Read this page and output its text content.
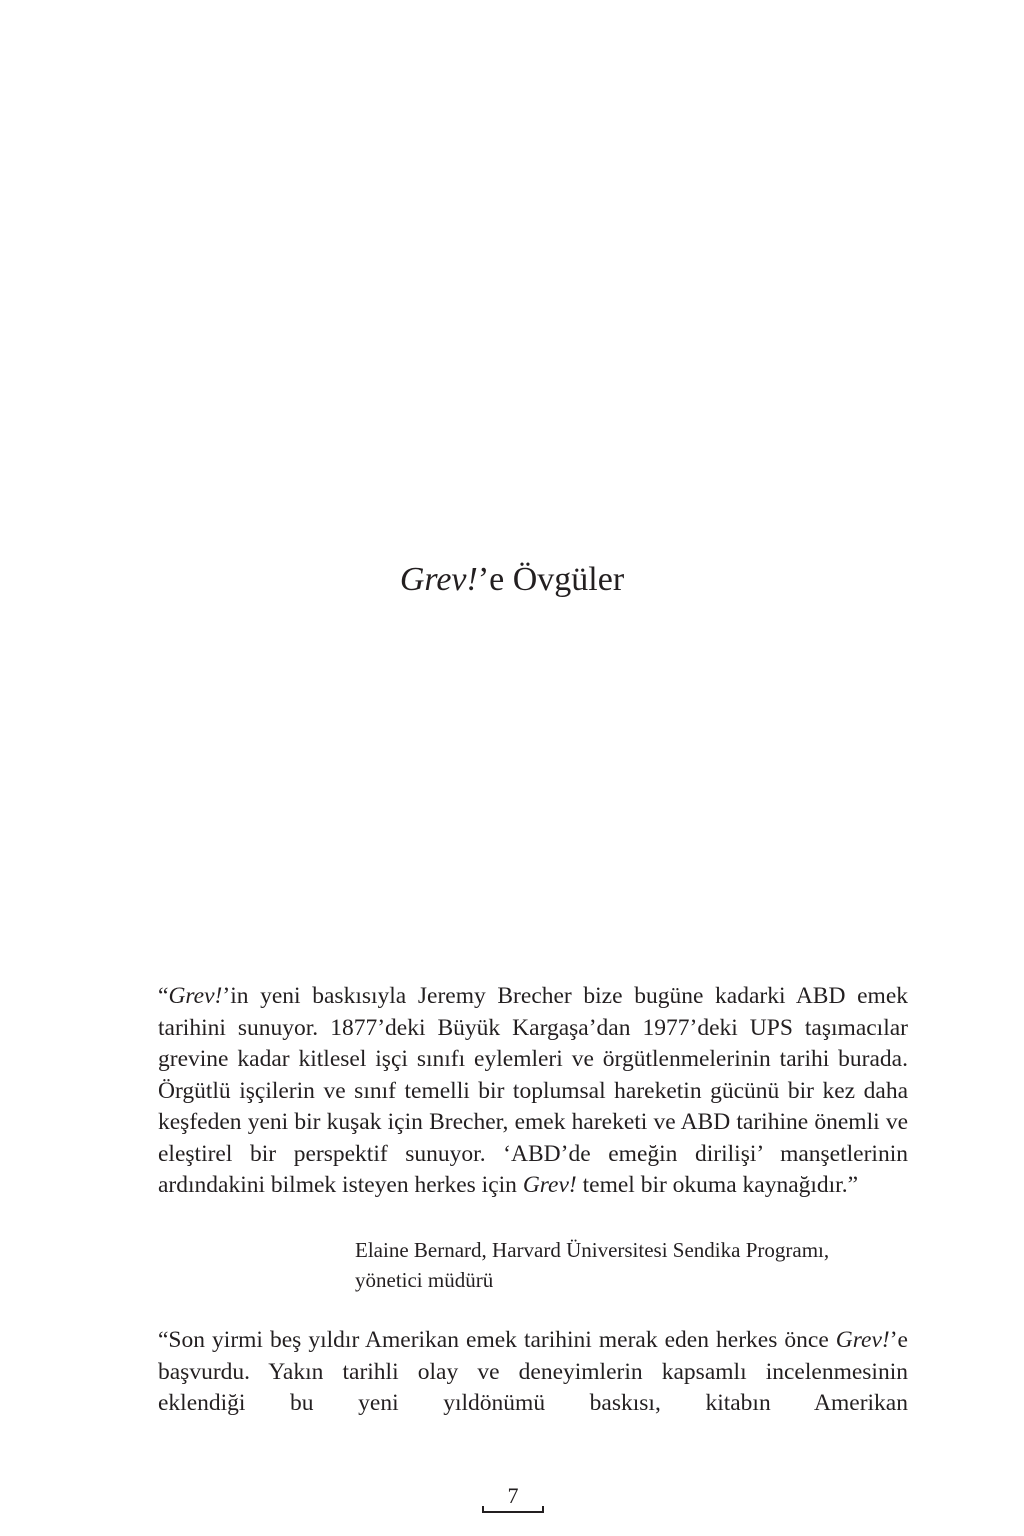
Grev!’e Övgüler

“Grev!’in yeni baskısıyla Jeremy Brecher bize bugüne kadarki ABD emek tarihini sunuyor. 1877’deki Büyük Kargaşa’dan 1977’deki UPS taşımacılar grevine kadar kitlesel işçi sınıfı eylemleri ve örgütlenmelerinin tarihi burada. Örgütlü işçilerin ve sınıf temelli bir toplumsal hareketin gücünü bir kez daha keşfeden yeni bir kuşak için Brecher, emek hareketi ve ABD tarihine önemli ve eleştirel bir perspektif sunuyor. ‘ABD’de emeğin dirilişi’ manşetlerinin ardındakini bilmek isteyen herkes için Grev! temel bir okuma kaynağıdır.”

Elaine Bernard, Harvard Üniversitesi Sendika Programı,
yönetici müdürü

“Son yirmi beş yıldır Amerikan emek tarihini merak eden herkes önce Grev!’e başvurdu. Yakın tarihli olay ve deneyimlerin kapsamlı incelenmesinin eklendiği bu yeni yıldönümü baskısı, kitabın Amerikan

7
